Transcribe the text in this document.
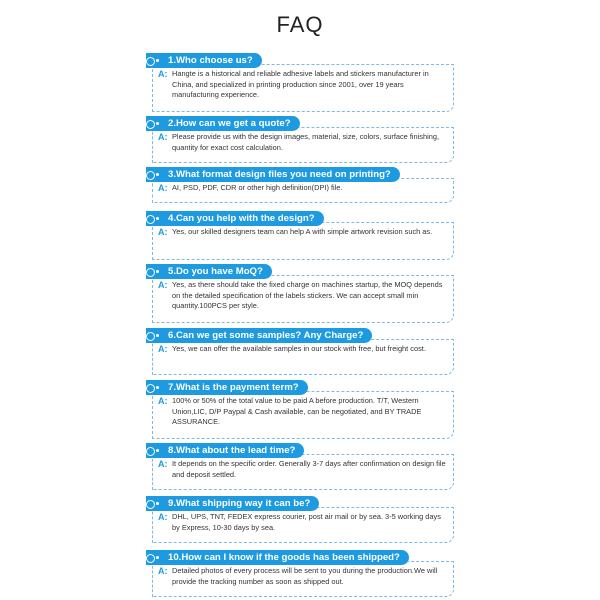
FAQ
A: Hangte is a historical and reliable adhesive labels and stickers manufacturer in China, and specialized in printing production since 2001, over 19 years manufacturing experience.
1.Who choose us?
A: Please provide us with the design images, material, size, colors, surface finishing, quantity for exact cost calculation.
2.How can we get a quote?
A: AI, PSD, PDF, CDR or other high definition(DPI) file.
3.What format design files you need on printing?
A: Yes, our skilled designers team can help A with simple artwork revision such as.
4.Can you help with the design?
A: Yes, as there should take the fixed charge on machines startup, the MOQ depends on the detailed specification of the labels stickers. We can accept small min quantity.100PCS per style.
5.Do you have MoQ?
A: Yes, we can offer the available samples in our stock with free, but freight cost.
6.Can we get some samples? Any Charge?
A: 100% or 50% of the total value to be paid A before production. T/T, Western Union,LIC, D/P Paypal & Cash available, can be negotiated, and BY TRADE ASSURANCE.
7.What is the payment term?
A: It depends on the specific order. Generally 3-7 days after confirmation on design file and deposit settled.
8.What about the lead time?
A: DHL, UPS, TNT, FEDEX express courier, post air mail or by sea. 3-5 working days by Express, 10-30 days by sea.
9.What shipping way it can be?
A: Detailed photos of every process will be sent to you during the production.We will provide the tracking number as soon as shipped out.
10.How can I know if the goods has been shipped?
